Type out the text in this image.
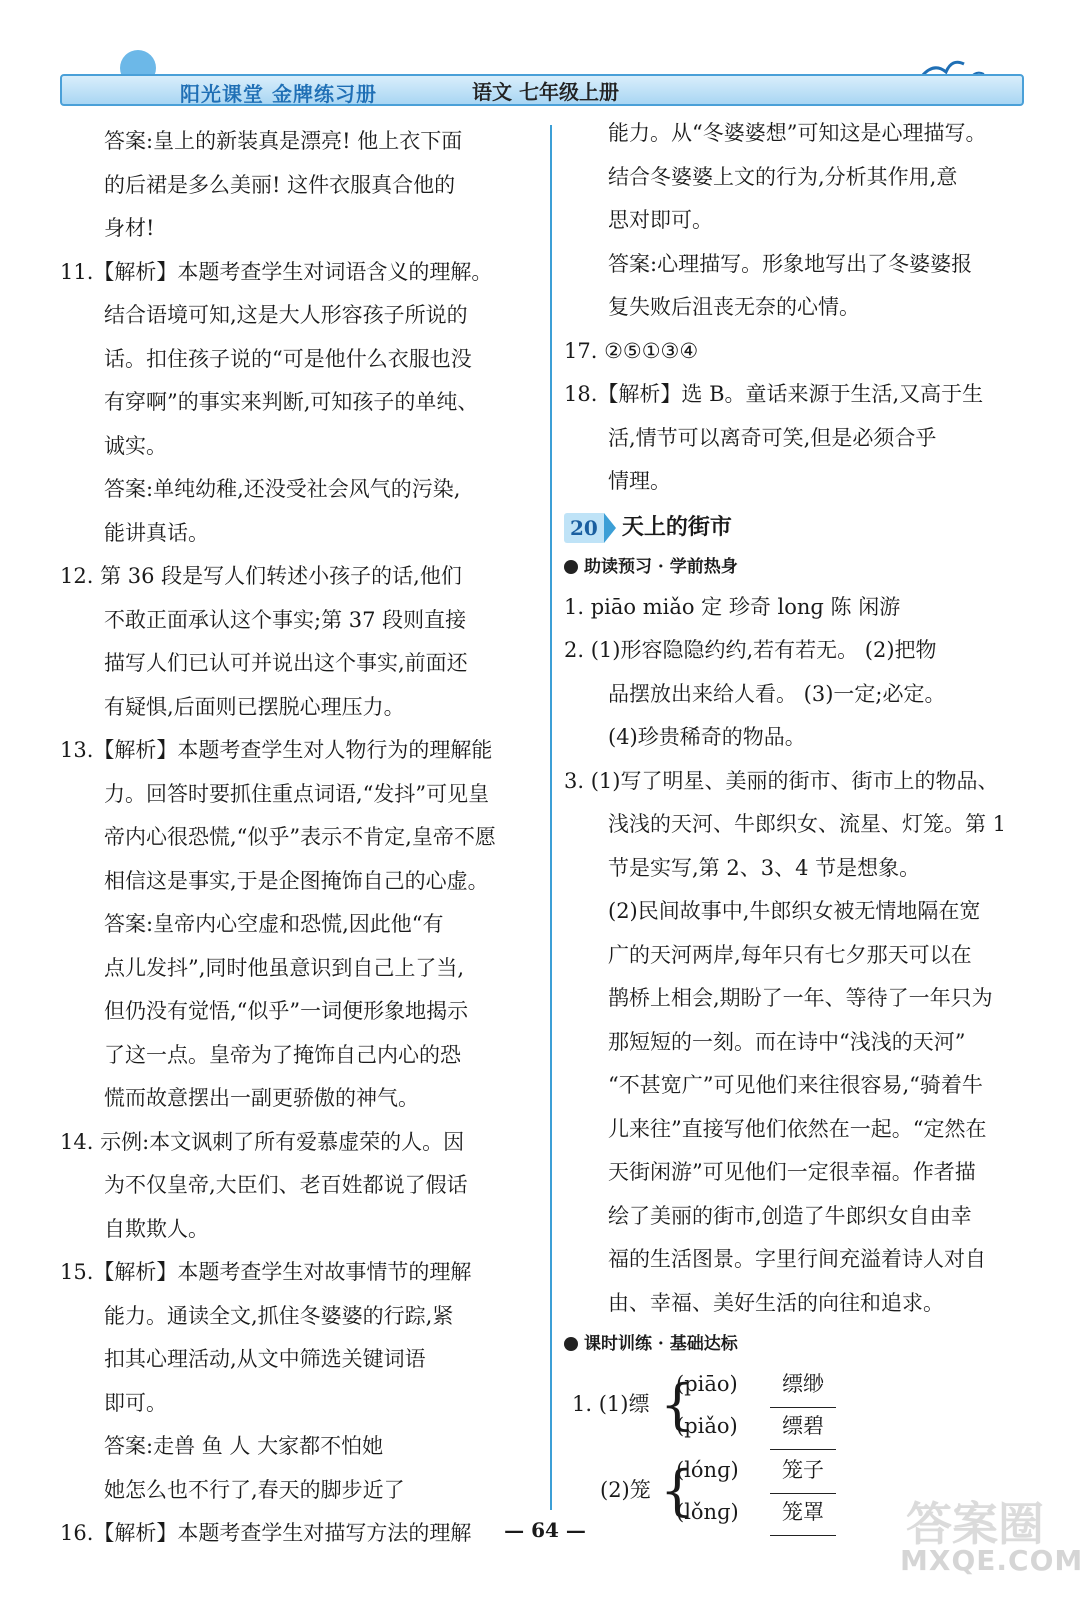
阳光课堂 金牌练习册	语文 七年级上册

答案:皇上的新装真是漂亮! 他上衣下面

的后裙是多么美丽! 这件衣服真合他的

身材!

11.【解析】本题考查学生对词语含义的理解。

结合语境可知,这是大人形容孩子所说的

话。扣住孩子说的“可是他什么衣服也没

有穿啊”的事实来判断,可知孩子的单纯、

诚实。

答案:单纯幼稚,还没受社会风气的污染,

能讲真话。

12. 第 36 段是写人们转述小孩子的话,他们

不敢正面承认这个事实;第 37 段则直接

描写人们已认可并说出这个事实,前面还

有疑惧,后面则已摆脱心理压力。

13.【解析】本题考查学生对人物行为的理解能

力。回答时要抓住重点词语,“发抖”可见皇

帝内心很恐慌,“似乎”表示不肯定,皇帝不愿

相信这是事实,于是企图掩饰自己的心虚。

答案:皇帝内心空虚和恐慌,因此他“有

点儿发抖”,同时他虽意识到自己上了当,

但仍没有觉悟,“似乎”一词便形象地揭示

了这一点。皇帝为了掩饰自己内心的恐

慌而故意摆出一副更骄傲的神气。

14. 示例:本文讽刺了所有爱慕虚荣的人。因

为不仅皇帝,大臣们、老百姓都说了假话

自欺欺人。

15.【解析】本题考查学生对故事情节的理解

能力。通读全文,抓住冬婆婆的行踪,紧

扣其心理活动,从文中筛选关键词语

即可。

答案:走兽 鱼 人 大家都不怕她

她怎么也不行了,春天的脚步近了

16.【解析】本题考查学生对描写方法的理解

能力。从“冬婆婆想”可知这是心理描写。

结合冬婆婆上文的行为,分析其作用,意

思对即可。

答案:心理描写。形象地写出了冬婆婆报

复失败后沮丧无奈的心情。

17. ②⑤①③④

18.【解析】选 B。童话来源于生活,又高于生

活,情节可以离奇可笑,但是必须合乎

情理。

20 天上的街市
助读预习 · 学前热身

1. piāo miǎo 定 珍奇 lonɡ 陈 闲游

2. (1)形容隐隐约约,若有若无。 (2)把物

品摆放出来给人看。 (3)一定;必定。

(4)珍贵稀奇的物品。

3. (1)写了明星、美丽的街市、街市上的物品、

浅浅的天河、牛郎织女、流星、灯笼。第 1

节是实写,第 2、3、4 节是想象。

(2)民间故事中,牛郎织女被无情地隔在宽

广的天河两岸,每年只有七夕那天可以在

鹊桥上相会,期盼了一年、等待了一年只为

那短短的一刻。而在诗中“浅浅的天河”

“不甚宽广”可见他们来往很容易,“骑着牛

儿来往”直接写他们依然在一起。“定然在

天街闲游”可见他们一定很幸福。作者描

绘了美丽的街市,创造了牛郎织女自由幸

福的生活图景。字里行间充溢着诗人对自

由、幸福、美好生活的向往和追求。

课时训练 · 基础达标
1. (1)缥 {
(piāo)	缥缈
(piǎo)	缥碧
(2)笼 {
(lónɡ)	笼子
(lǒnɡ)	笼罩
— 64 —	答案圈
MXQE.COM
